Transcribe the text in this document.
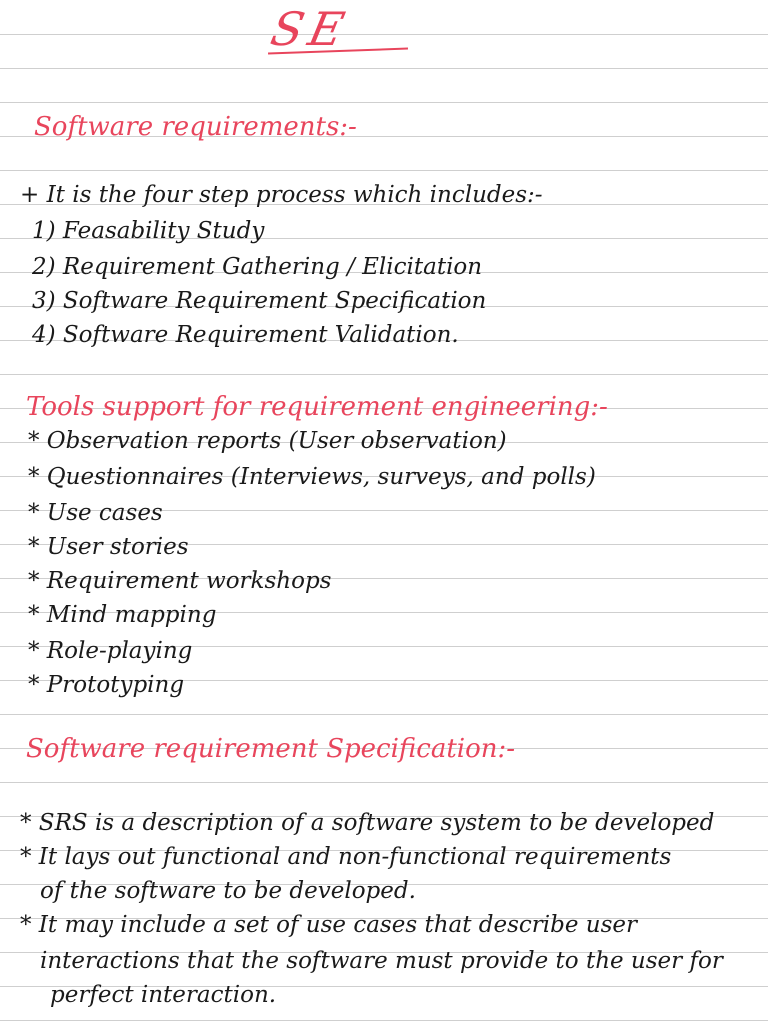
SE
Software requirements:-
+ It is the four step process which includes:-
1) Feasability Study
2) Requirement Gathering / Elicitation
3) Software Requirement Specification
4) Software Requirement Validation.
Tools support for requirement engineering:-
* Observation reports (User observation)
* Questionnaires (Interviews, surveys, and polls)
* Use cases
* User stories
* Requirement workshops
* Mind mapping
* Role-playing
* Prototyping
Software requirement Specification:-
* SRS is a description of a software system to be developed
* It lays out functional and non-functional requirements
of the software to be developed.
* It may include a set of use cases that describe user
interactions that the software must provide to the user for
perfect interaction.
